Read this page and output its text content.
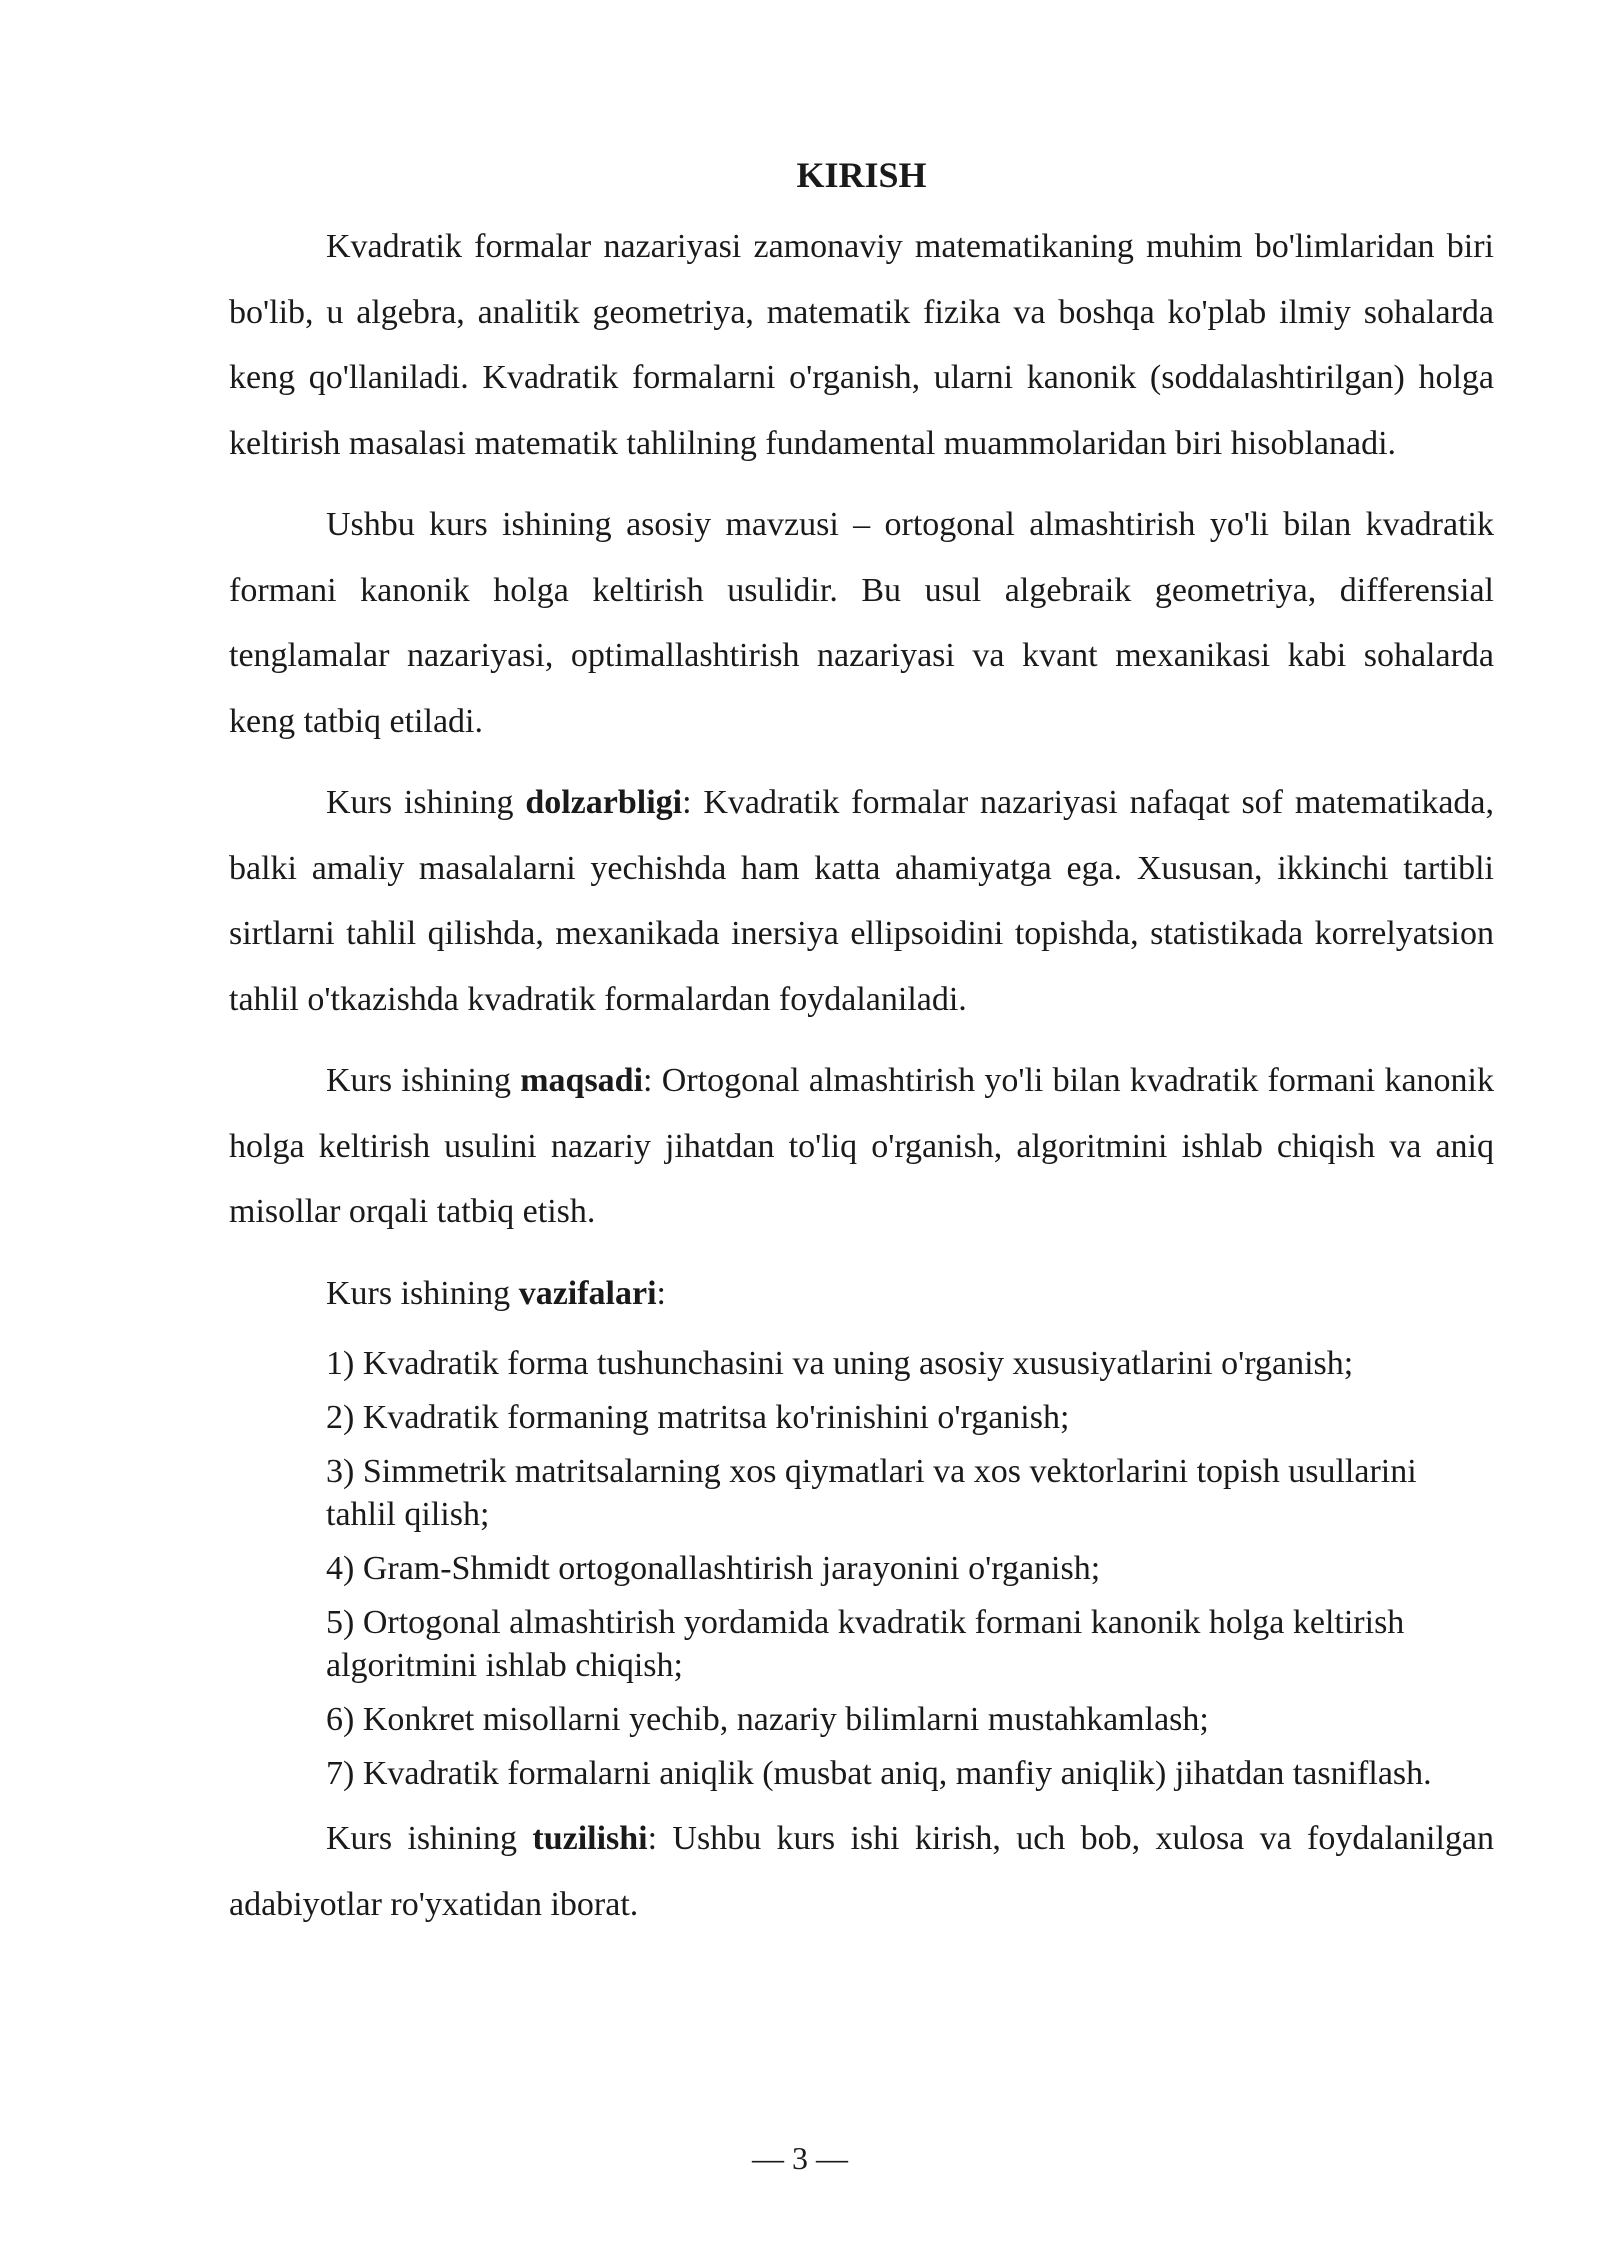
KIRISH

Kvadratik formalar nazariyasi zamonaviy matematikaning muhim bo'limlaridan biri bo'lib, u algebra, analitik geometriya, matematik fizika va boshqa ko'plab ilmiy sohalarda keng qo'llaniladi. Kvadratik formalarni o'rganish, ularni kanonik (soddalashtirilgan) holga keltirish masalasi matematik tahlilning fundamental muammolaridan biri hisoblanadi.

Ushbu kurs ishining asosiy mavzusi – ortogonal almashtirish yo'li bilan kvadratik formani kanonik holga keltirish usulidir. Bu usul algebraik geometriya, differensial tenglamalar nazariyasi, optimallashtirish nazariyasi va kvant mexanikasi kabi sohalarda keng tatbiq etiladi.

Kurs ishining dolzarbligi: Kvadratik formalar nazariyasi nafaqat sof matematikada, balki amaliy masalalarni yechishda ham katta ahamiyatga ega. Xususan, ikkinchi tartibli sirtlarni tahlil qilishda, mexanikada inersiya ellipsoidini topishda, statistikada korrelyatsion tahlil o'tkazishda kvadratik formalardan foydalaniladi.

Kurs ishining maqsadi: Ortogonal almashtirish yo'li bilan kvadratik formani kanonik holga keltirish usulini nazariy jihatdan to'liq o'rganish, algoritmini ishlab chiqish va aniq misollar orqali tatbiq etish.

Kurs ishining vazifalari:

1) Kvadratik forma tushunchasini va uning asosiy xususiyatlarini o'rganish;
2) Kvadratik formaning matritsa ko'rinishini o'rganish;
3) Simmetrik matritsalarning xos qiymatlari va xos vektorlarini topish usullarini tahlil qilish;
4) Gram-Shmidt ortogonallashtirish jarayonini o'rganish;
5) Ortogonal almashtirish yordamida kvadratik formani kanonik holga keltirish algoritmini ishlab chiqish;
6) Konkret misollarni yechib, nazariy bilimlarni mustahkamlash;
7) Kvadratik formalarni aniqlik (musbat aniq, manfiy aniqlik) jihatdan tasniflash.

Kurs ishining tuzilishi: Ushbu kurs ishi kirish, uch bob, xulosa va foydalanilgan adabiyotlar ro'yxatidan iborat.

— 3 —
